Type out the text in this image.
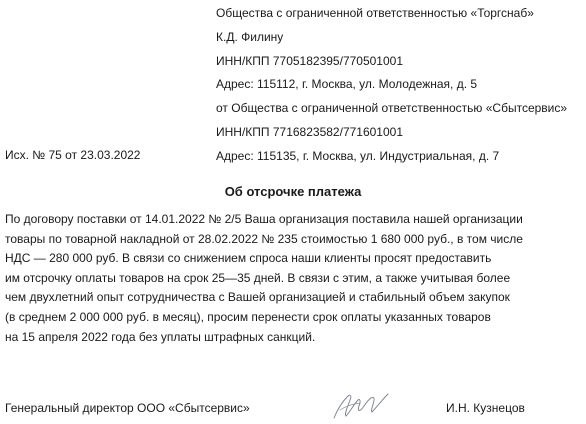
Общества с ограниченной ответственностью «Торгснаб»
К.Д. Филину
ИНН/КПП 7705182395/770501001
Адрес: 115112, г. Москва, ул. Молодежная, д. 5
от Общества с ограниченной ответственностью «Сбытсервис»
ИНН/КПП 7716823582/771601001
Адрес: 115135, г. Москва, ул. Индустриальная, д. 7
Исх. № 75 от 23.03.2022
Об отсрочке платежа
По договору поставки от 14.01.2022 № 2/5 Ваша организация поставила нашей организации
товары по товарной накладной от 28.02.2022 № 235 стоимостью 1 680 000 руб., в том числе
НДС — 280 000 руб. В связи со снижением спроса наши клиенты просят предоставить
им отсрочку оплаты товаров на срок 25—35 дней. В связи с этим, а также учитывая более
чем двухлетний опыт сотрудничества с Вашей организацией и стабильный объем закупок
(в среднем 2 000 000 руб. в месяц), просим перенести срок оплаты указанных товаров
на 15 апреля 2022 года без уплаты штрафных санкций.
Генеральный директор ООО «Сбытсервис»	И.Н. Кузнецов
